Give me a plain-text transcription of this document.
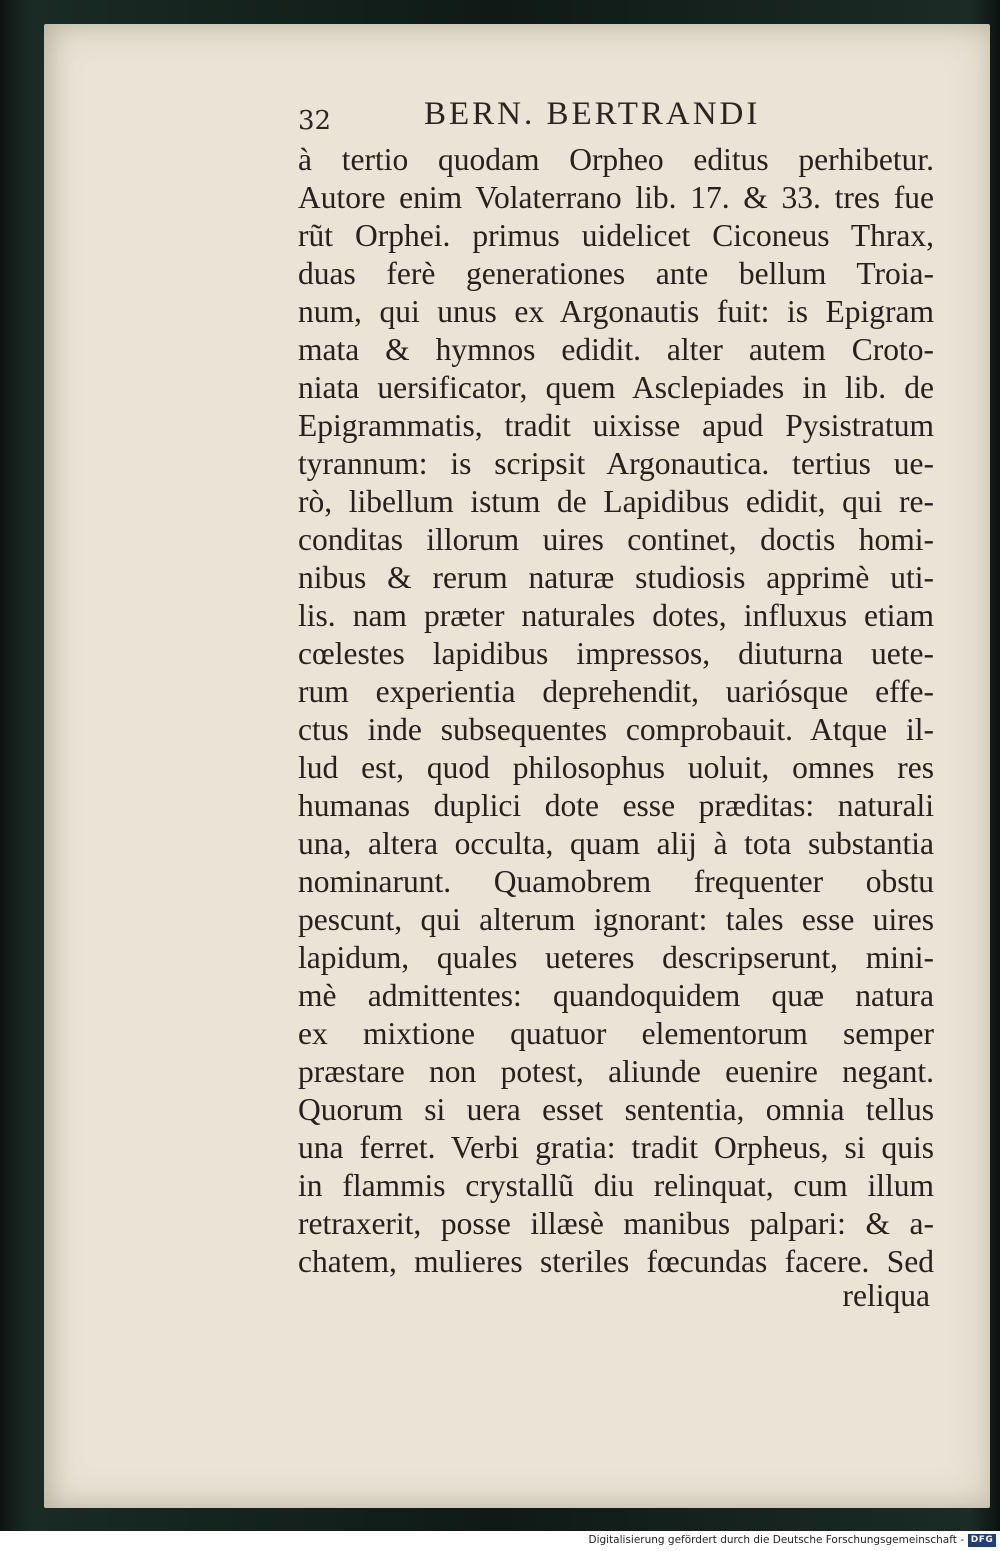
32	BERN. BERTRANDI
à tertio quodam Orpheo editus perhibetur.
Autore enim Volaterrano lib. 17. & 33. tres fue
rũt Orphei. primus uidelicet Ciconeus Thrax,
duas ferè generationes ante bellum Troia-
num, qui unus ex Argonautis fuit: is Epigram
mata & hymnos edidit. alter autem Croto-
niata uersificator, quem Asclepiades in lib. de
Epigrammatis, tradit uixisse apud Pysistratum
tyrannum: is scripsit Argonautica. tertius ue-
rò, libellum istum de Lapidibus edidit, qui re-
conditas illorum uires continet, doctis homi-
nibus & rerum naturæ studiosis apprimè uti-
lis. nam præter naturales dotes, influxus etiam
cœlestes lapidibus impressos, diuturna uete-
rum experientia deprehendit, uariósque effe-
ctus inde subsequentes comprobauit. Atque il-
lud est, quod philosophus uoluit, omnes res
humanas duplici dote esse præditas: naturali
una, altera occulta, quam alij à tota substantia
nominarunt. Quamobrem frequenter obstu
pescunt, qui alterum ignorant: tales esse uires
lapidum, quales ueteres descripserunt, mini-
mè admittentes: quandoquidem quæ natura
ex mixtione quatuor elementorum semper
præstare non potest, aliunde euenire negant.
Quorum si uera esset sententia, omnia tellus
una ferret. Verbi gratia: tradit Orpheus, si quis
in flammis crystallũ diu relinquat, cum illum
retraxerit, posse illæsè manibus palpari: & a-
chatem, mulieres steriles fœcundas facere. Sed
reliqua
Digitalisierung gefördert durch die Deutsche Forschungsgemeinschaft - DFG
